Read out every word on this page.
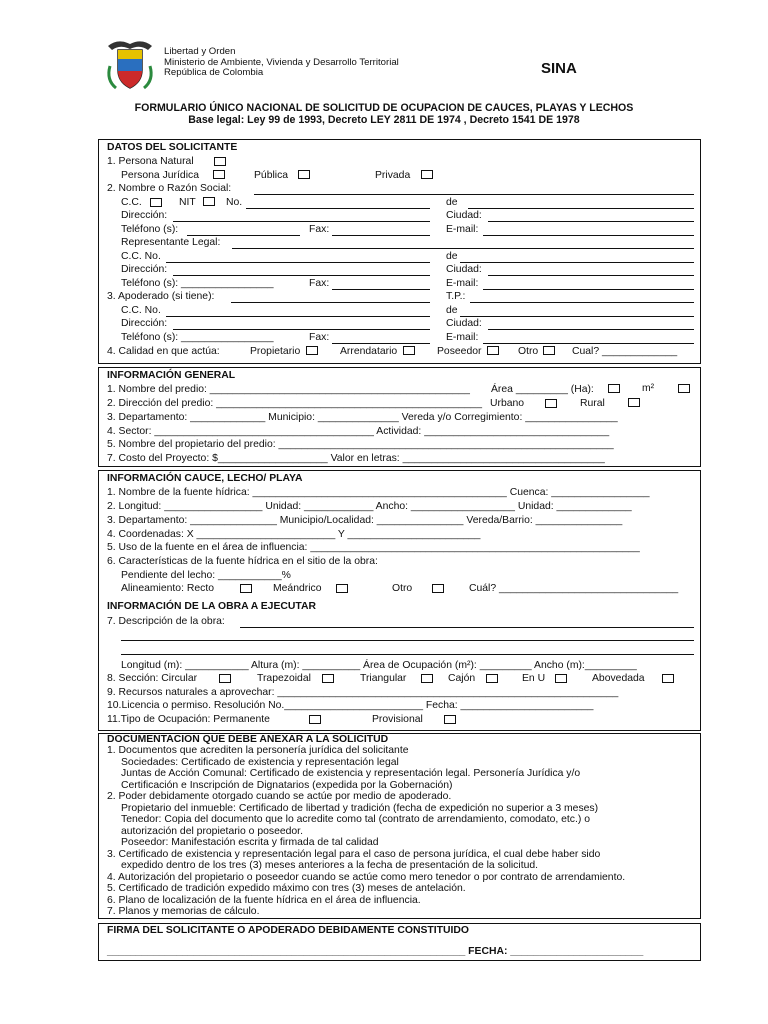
Libertad y Orden
Ministerio de Ambiente, Vivienda y Desarrollo Territorial
República de Colombia	SINA
FORMULARIO ÚNICO NACIONAL DE SOLICITUD DE OCUPACION DE CAUCES, PLAYAS Y LECHOS
Base legal: Ley 99 de 1993, Decreto LEY 2811 DE 1974 , Decreto 1541 DE 1978
DATOS DEL SOLICITANTE
1. Persona Natural
Persona Jurídica	Pública	Privada
2. Nombre o Razón Social:
C.C.	NIT	No.	de
Dirección:	Ciudad:
Teléfono (s):	Fax:	E-mail:
Representante Legal:
C.C. No.	de
Dirección:	Ciudad:
Teléfono (s): ________________	Fax:	E-mail:
3. Apoderado (si tiene):	T.P.:
C.C. No.	de
Dirección:	Ciudad:
Teléfono (s): ________________	Fax:	E-mail:
4. Calidad en que actúa:	Propietario	Arrendatario	Poseedor	Otro	Cual? _____________
INFORMACIÓN GENERAL
1. Nombre del predio: _____________________________________________ Área _________ (Ha):	m²
2. Dirección del predio: ______________________________________________ Urbano	Rural
3. Departamento: _____________ Municipio: ______________ Vereda y/o Corregimiento: ________________
4. Sector: ______________________________________ Actividad: ________________________________
5. Nombre del propietario del predio: __________________________________________________________
7. Costo del Proyecto: $___________________ Valor en letras: ___________________________________
INFORMACIÓN CAUCE, LECHO/ PLAYA
1. Nombre de la fuente hídrica: ____________________________________________ Cuenca: _________________
2. Longitud: _________________ Unidad: ____________ Ancho: __________________ Unidad: _____________
3. Departamento: _______________ Municipio/Localidad: _______________ Vereda/Barrio: _______________
4. Coordenadas: X ________________________ Y _______________________
5. Uso de la fuente en el área de influencia: _________________________________________________________
6. Características de la fuente hídrica en el sitio de la obra:
Pendiente del lecho: ___________%
Alineamiento: Recto	Meándrico	Otro	Cuál? _______________________________
INFORMACIÓN DE LA OBRA A EJECUTAR
7. Descripción de la obra:
Longitud (m): ___________ Altura (m): __________ Área de Ocupación (m²): _________ Ancho (m):_________
8. Sección: Circular	Trapezoidal	Triangular	Cajón	En U	Abovedada
9. Recursos naturales a aprovechar: ___________________________________________________________
10.Licencia o permiso. Resolución No.________________________ Fecha: _______________________
11.Tipo de Ocupación: Permanente	Provisional
DOCUMENTACION QUE DEBE ANEXAR A LA SOLICITUD
1. Documentos que acrediten la personería jurídica del solicitante
Sociedades: Certificado de existencia y representación legal
Juntas de Acción Comunal: Certificado de existencia y representación legal. Personería Jurídica y/o
Certificación e Inscripción de Dignatarios (expedida por la Gobernación)
2. Poder debidamente otorgado cuando se actúe por medio de apoderado.
Propietario del inmueble: Certificado de libertad y tradición (fecha de expedición no superior a 3 meses)
Tenedor: Copia del documento que lo acredite como tal (contrato de arrendamiento, comodato, etc.) o
autorización del propietario o poseedor.
Poseedor: Manifestación escrita y firmada de tal calidad
3. Certificado de existencia y representación legal para el caso de persona jurídica, el cual debe haber sido
expedido dentro de los tres (3) meses anteriores a la fecha de presentación de la solicitud.
4. Autorización del propietario o poseedor cuando se actúe como mero tenedor o por contrato de arrendamiento.
5. Certificado de tradición expedido máximo con tres (3) meses de antelación.
6. Plano de localización de la fuente hídrica en el área de influencia.
7. Planos y memorias de cálculo.
FIRMA DEL SOLICITANTE O APODERADO DEBIDAMENTE CONSTITUIDO
______________________________________________________________ FECHA: _______________________
